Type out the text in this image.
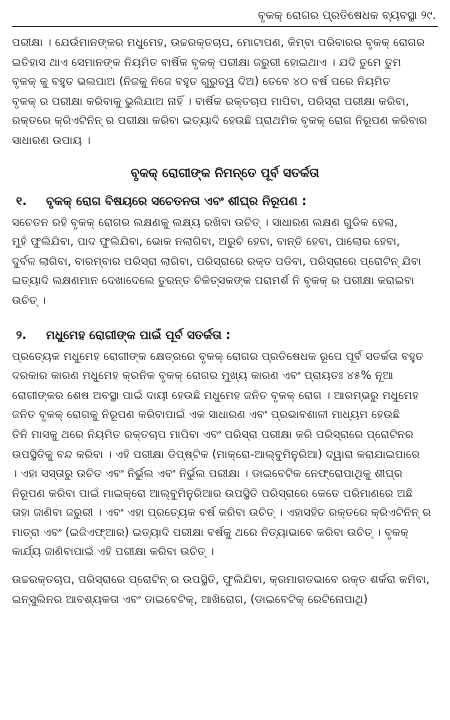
ବୃକକ୍ ରୋଗର ପ୍ରତିଷେଧକ ବ୍ୟବସ୍ଥା ୨୯.

ପରୀକ୍ଷା । ଯେଉଁମାନଙ୍କର ମଧୁମେହ, ଉଚ୍ଚରକ୍ତଚାପ, ମୋଟାପଣ, କିମ୍ବା ପରିବାରର ବୃକକ୍ ରୋଗର

ଇତିହାସ ଥାଏ ସେମାନଙ୍କ ନିୟମିତ ବାର୍ଷିକ ବୃକକ୍ ପରୀକ୍ଷା ଜରୁରୀ ହୋଇଥାଏ । ଯଦି ତୁମେ ତୁମ

ବୃକକ୍ କୁ ବହୁତ ଭଲପାଅ (ନିଜକୁ ନିଜେ ବହୁତ ଗୁରୁତ୍ୱ ଦିଅ) ତେବେ ୪୦ ବର୍ଷ ପରେ ନିୟମିତ

ବୃକକ୍ ର ପରୀକ୍ଷା କରିବାକୁ ଭୁଲିଯାଅ ନାହିଁ । ବାର୍ଷିକ ରକ୍ତଚାପ ମାପିବା, ପରିସ୍ରା ପରୀକ୍ଷା କରିବା,

ରକ୍ତରେ କ୍ରିଏଟିନିନ୍ ର ପରୀକ୍ଷା କରିବା ଇତ୍ୟାଦି ହେଉଛି ପ୍ରାଥମିକ ବୃକକ୍ ରୋଗ ନିରୂପଣ କରିବାର

ସାଧାରଣ ଉପାୟ ।

ବୃକକ୍ ରୋଗୀଙ୍କ ନିମନ୍ତେ ପୂର୍ବ ସତର୍କତା
୧.	ବୃକକ୍ ରୋଗ ବିଷୟରେ ସଚେତନତା ଏବଂ ଶୀଘ୍ର ନିରୂପଣ :

ସଚେତନ ରହି ବୃକକ୍ ରୋଗର ଲକ୍ଷଣକୁ ଲକ୍ଷ୍ୟ ରଖିବା ଉଚିତ୍ । ସାଧାରଣ ଲକ୍ଷଣ ଗୁଡିକ ହେଲା,

ମୁହଁ ଫୁଲିଯିବା, ପାଦ ଫୁଲିଯିବା, ଭୋକ ନଲାଗିବା, ଅରୁଚି ହେବା, ବାନ୍ତି ହେବା, ପାଲୋର ହେବା,

ଦୁର୍ବଳ ଲାଗିବା, ବାରମ୍ବାର ପରିସ୍ରା ଲାଗିବା, ପରିସ୍ରାରେ ରକ୍ତ ପଡିବା, ପରିସ୍ରାରେ ପ୍ରୋଟିନ୍ ଯିବା

ଇତ୍ୟାଦି ଲକ୍ଷଣମାନ ଦେଖାଦେଲେ ତୁରନ୍ତ ଚିକିତ୍ସକଙ୍କ ପରାମର୍ଶ ନି ବୃକକ୍ ର ପରୀକ୍ଷା କରାଇବା

ଉଚିତ୍ ।

୨.	ମଧୁମେହ ରୋଗୀଙ୍କ ପାଇଁ ପୂର୍ବ ସତର୍କତା :

ପ୍ରତ୍ୟେକ ମଧୁମେହ ରୋଗୀଙ୍କ କ୍ଷେତ୍ରରେ ବୃକକ୍ ରୋଗର ପ୍ରତିଷେଧକ ରୂପେ ପୂର୍ବ ସତର୍କତା ବହୁତ

ଦରକାର କାରଣ ମଧୁମେହ କ୍ରନିକ ବୃକକ୍ ରୋଗର ମୁଖ୍ୟ କାରଣ ଏବଂ ପ୍ରାୟତଃ ୪୫% ନୂଆ

ରୋଗୀଙ୍କର ଶେଷ ଅବସ୍ଥା ପାଇଁ ଦାୟୀ ହେଉଛି ମଧୁମେହ ଜନିତ ବୃକକ୍ ରୋଗ । ଆରମ୍ଭରୁ ମଧୁମେହ

ଜନିତ ବୃକକ୍ ରୋଗକୁ ନିରୂପଣ କରିବାପାଇଁ ଏକ ସାଧାରଣ ଏବଂ ପ୍ରଭାବଶାଳୀ ମାଧ୍ୟମ ହେଉଛି

ତିନି ମାସକୁ ଥରେ ନିୟମିତ ରକ୍ତଚାପ ମାପିବା ଏବଂ ପରିସ୍ରା ପରୀକ୍ଷା କରି ପରିସ୍ରାରେ ପ୍ରୋଟିନର

ଉପସ୍ଥିତିକୁ ବନ୍ଦ କରିବା । ଏହି ପରୀକ୍ଷା ଡିପ୍‌ଷ୍ଟିକ (ମାକ୍ରୋ-ଆଲ୍‌ବୁମିନୁରିଆ) ଦ୍ୱାରା କରାଯାଇପାରେ

। ଏହା ସସ୍ତାରୁ ଉଚିତ ଏବଂ ନିର୍ଭୁଲ ଏବଂ ନିର୍ଭୁଲ ପରୀକ୍ଷା । ଡାଇବେଟିକ ନେଫ୍ରୋପାଥିକୁ ଶୀଘ୍ର

ନିରୂପଣ କରିବା ପାଇଁ ମାଇକ୍ରୋ ଆଲ୍‌ବୁମିନୁରିଆର ଉପସ୍ଥିତି ପରିସ୍ରାରେ କେତେ ପରିମାଣରେ ଅଛି

ତାହା ଜାଣିବା ଜରୁରୀ । ଏବଂ ଏହା ପ୍ରତ୍ୟେକ ବର୍ଷ କରିବା ଉଚିତ୍ । ଏହାସହିତ ରକ୍ତରେ କ୍ରିଏଟିନିନ୍ ର

ମାତ୍ରା ଏବଂ (ଇଜିଏଫ୍‌ଆର) ଇତ୍ୟାଦି ପରୀକ୍ଷା ବର୍ଷକୁ ଥରେ ନିତ୍ୟାଭାବେ କରିବା ଉଚିତ୍ । ବୃକକ୍

କାର୍ଯ୍ୟ ଜାଣିବାପାଇଁ ଏହି ପରୀକ୍ଷା କରିବା ଉଚିତ୍ ।

ଉଚ୍ଚରକ୍ତଚାପ, ପରିସ୍ରାରେ ପ୍ରୋଟିନ୍ ର ଉପସ୍ଥିତି, ଫୁଲିଯିବା, କ୍ରମାଗତଭାବେ ରକ୍ତ ଶର୍କରା କମିବା,

ଇନ୍‌ସୁଲିନର ଆବଶ୍ୟକତା ଏବଂ ଡାଇବେଟିକ୍, ଆଖିରୋଗ, (ଡାଇବେଟିକ୍ ରେଟିନୋପାଥି)
